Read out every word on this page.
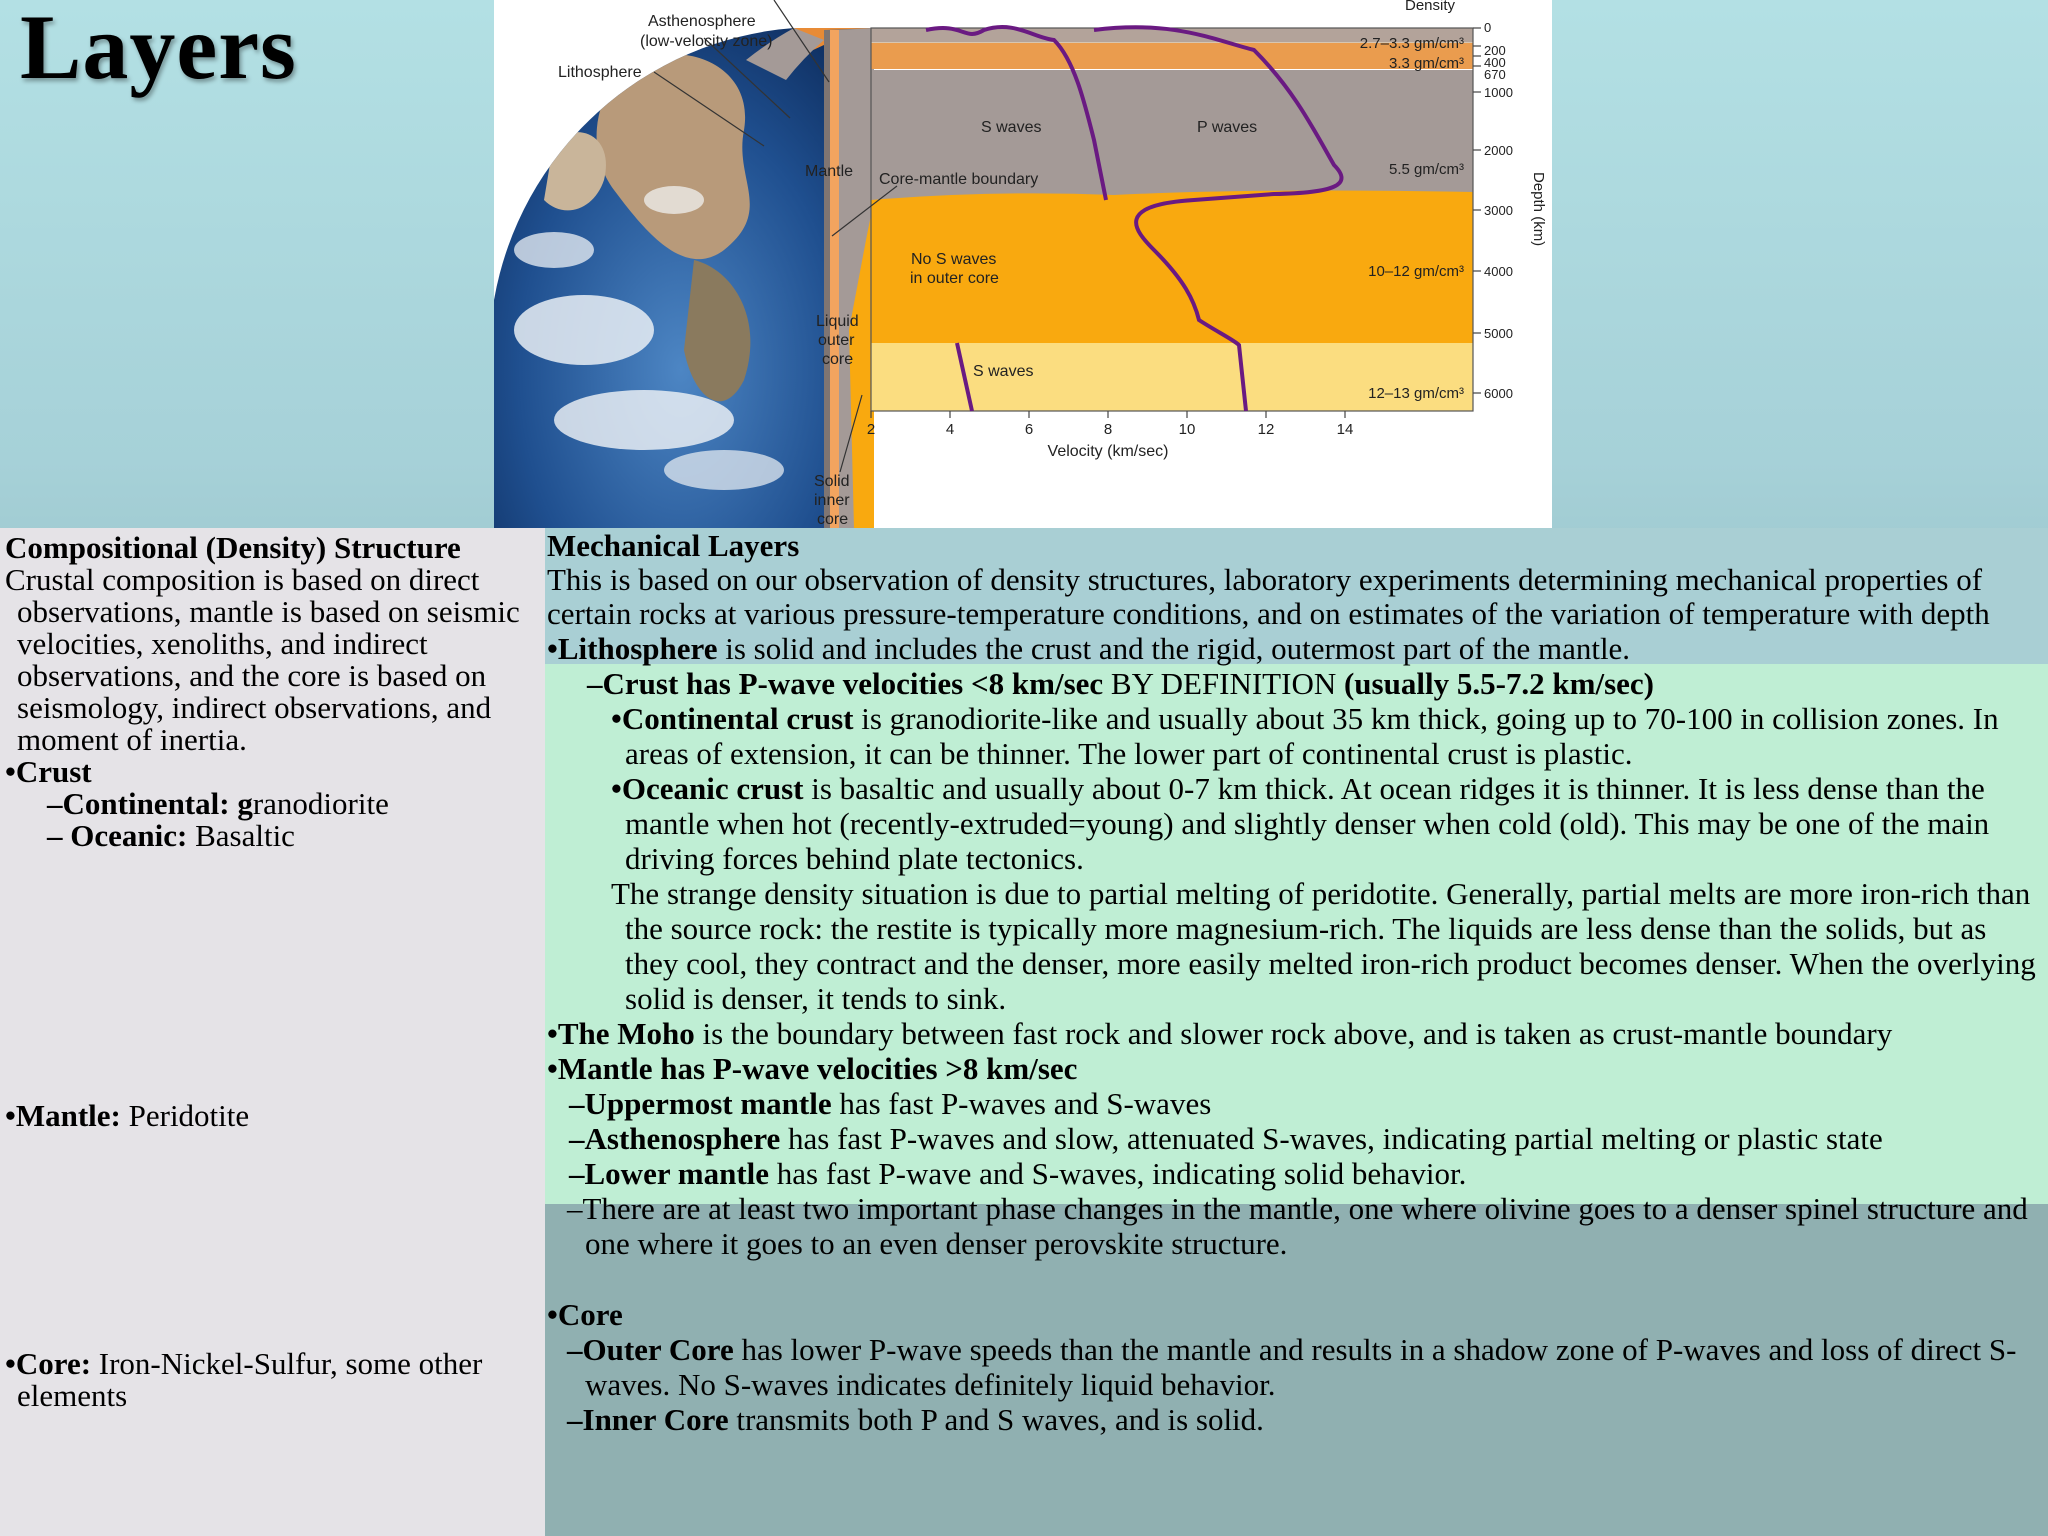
Layers	Asthenosphere
(low-velocity zone)
Lithosphere
Mantle Core-mantle boundary
No S waves
in outer core
Liquid
outer
core
Solid
inner
core
S waves	P waves
S waves
Density
2.7–3.3 gm/cm³
3.3 gm/cm³
5.5 gm/cm³
10–12 gm/cm³
12–13 gm/cm³
0
200
400
670
1000
2000
3000
4000
5000
6000
Depth (km)
2	4	6	8	10	12	14
Velocity (km/sec)
Compositional (Density) Structure
Crustal composition is based on direct observations, mantle is based on seismic velocities, xenoliths, and indirect observations, and the core is based on seismology, indirect observations, and moment of inertia.
•Crust
–Continental: granodiorite
– Oceanic: Basaltic
•Mantle: Peridotite
•Core: Iron-Nickel-Sulfur, some other elements

Mechanical Layers

This is based on our observation of density structures, laboratory experiments determining mechanical properties of certain rocks at various pressure-temperature conditions, and on estimates of the variation of temperature with depth

•Lithosphere is solid and includes the crust and the rigid, outermost part of the mantle.

–Crust has P-wave velocities <8 km/sec BY DEFINITION (usually 5.5-7.2 km/sec)

•Continental crust is granodiorite-like and usually about 35 km thick, going up to 70-100 in collision zones. In areas of extension, it can be thinner. The lower part of continental crust is plastic.

•Oceanic crust is basaltic and usually about 0-7 km thick. At ocean ridges it is thinner. It is less dense than the mantle when hot (recently-extruded=young) and slightly denser when cold (old). This may be one of the main driving forces behind plate tectonics.

The strange density situation is due to partial melting of peridotite. Generally, partial melts are more iron-rich than the source rock: the restite is typically more magnesium-rich. The liquids are less dense than the solids, but as they cool, they contract and the denser, more easily melted iron-rich product becomes denser. When the overlying solid is denser, it tends to sink.

•The Moho is the boundary between fast rock and slower rock above, and is taken as crust-mantle boundary

•Mantle has P-wave velocities >8 km/sec

–Uppermost mantle has fast P-waves and S-waves

–Asthenosphere has fast P-waves and slow, attenuated S-waves, indicating partial melting or plastic state

–Lower mantle has fast P-wave and S-waves, indicating solid behavior.

–There are at least two important phase changes in the mantle, one where olivine goes to a denser spinel structure and one where it goes to an even denser perovskite structure.

•Core

–Outer Core has lower P-wave speeds than the mantle and results in a shadow zone of P-waves and loss of direct S-waves. No S-waves indicates definitely liquid behavior.

–Inner Core transmits both P and S waves, and is solid.
